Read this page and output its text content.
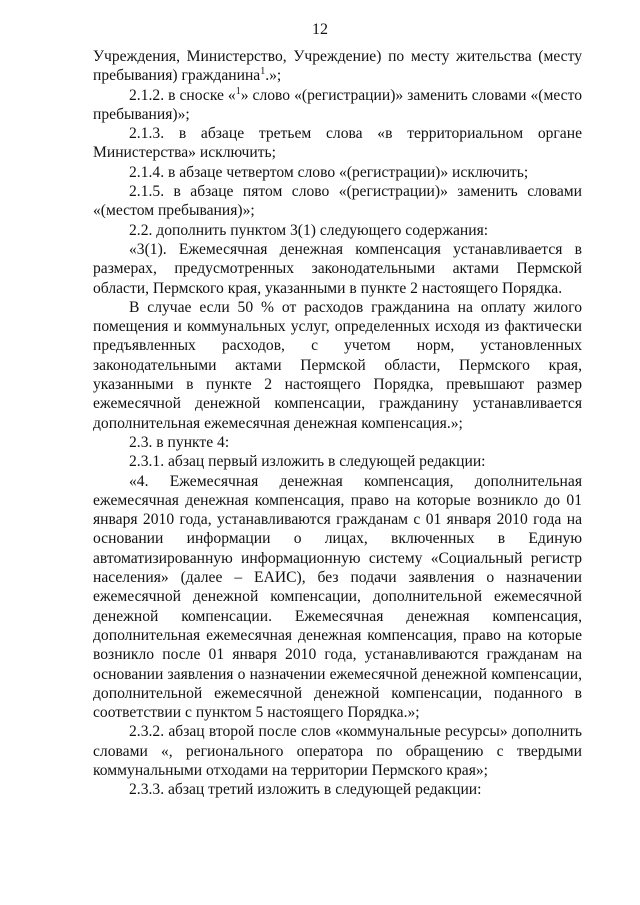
12

Учреждения, Министерство, Учреждение) по месту жительства (месту пребывания) гражданина$^1$.»;

2.1.2. в сноске «$^1$» слово «(регистрации)» заменить словами «(место пребывания)»;

2.1.3. в абзаце третьем слова «в территориальном органе Министерства» исключить;

2.1.4. в абзаце четвертом слово «(регистрации)» исключить;

2.1.5. в абзаце пятом слово «(регистрации)» заменить словами «(местом пребывания)»;

2.2. дополнить пунктом 3(1) следующего содержания:

«3(1). Ежемесячная денежная компенсация устанавливается в размерах, предусмотренных законодательными актами Пермской области, Пермского края, указанными в пункте 2 настоящего Порядка.

В случае если 50 % от расходов гражданина на оплату жилого помещения и коммунальных услуг, определенных исходя из фактически предъявленных расходов, с учетом норм, установленных законодательными актами Пермской области, Пермского края, указанными в пункте 2 настоящего Порядка, превышают размер ежемесячной денежной компенсации, гражданину устанавливается дополнительная ежемесячная денежная компенсация.»;

2.3. в пункте 4:

2.3.1. абзац первый изложить в следующей редакции:

«4. Ежемесячная денежная компенсация, дополнительная ежемесячная денежная компенсация, право на которые возникло до 01 января 2010 года, устанавливаются гражданам с 01 января 2010 года на основании информации о лицах, включенных в Единую автоматизированную информационную систему «Социальный регистр населения» (далее – ЕАИС), без подачи заявления о назначении ежемесячной денежной компенсации, дополнительной ежемесячной денежной компенсации. Ежемесячная денежная компенсация, дополнительная ежемесячная денежная компенсация, право на которые возникло после 01 января 2010 года, устанавливаются гражданам на основании заявления о назначении ежемесячной денежной компенсации, дополнительной ежемесячной денежной компенсации, поданного в соответствии с пунктом 5 настоящего Порядка.»;

2.3.2. абзац второй после слов «коммунальные ресурсы» дополнить словами «, регионального оператора по обращению с твердыми коммунальными отходами на территории Пермского края»;

2.3.3. абзац третий изложить в следующей редакции:
